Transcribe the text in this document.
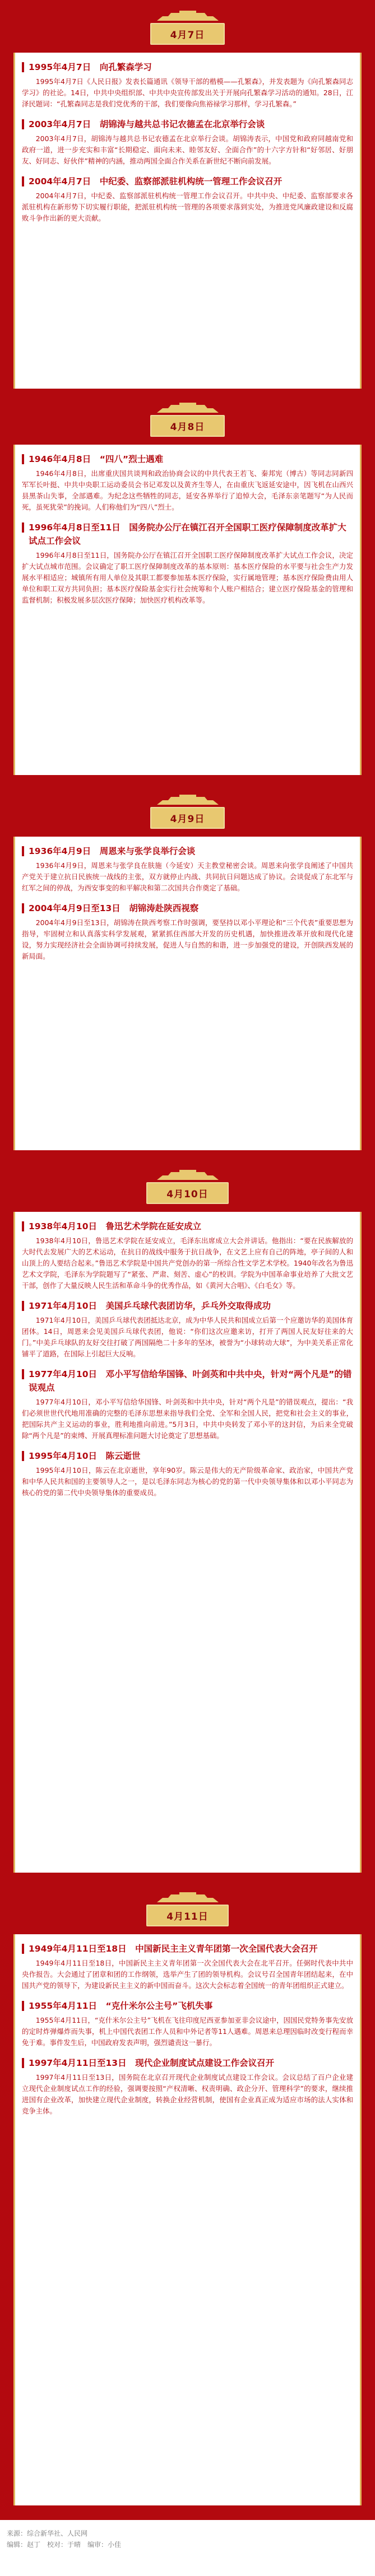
4月7日
1995年4月7日　向孔繁森学习
1995年4月7日《人民日报》发表长篇通讯《领导干部的楷模——孔繁森》，并发表题为《向孔繁森同志学习》的社论。14日，中共中央组织部、中共中央宣传部发出关于开展向孔繁森学习活动的通知。28日，江泽民题词：“孔繁森同志是我们党优秀的干部，我们要像向焦裕禄学习那样，学习孔繁森。”
2003年4月7日　胡锦涛与越共总书记农德孟在北京举行会谈
2003年4月7日，胡锦涛与越共总书记农德孟在北京举行会谈。胡锦涛表示，中国党和政府同越南党和政府一道，进一步充实和丰富“长期稳定、面向未来、睦邻友好、全面合作”的十六字方针和“好邻居、好朋友、好同志、好伙伴”精神的内涵，推动两国全面合作关系在新世纪不断向前发展。
2004年4月7日　中纪委、监察部派驻机构统一管理工作会议召开
2004年4月7日，中纪委、监察部派驻机构统一管理工作会议召开。中共中央、中纪委、监察部要求各派驻机构在新形势下切实履行职能，把派驻机构统一管理的各项要求落到实处，为推进党风廉政建设和反腐败斗争作出新的更大贡献。
4月8日
1946年4月8日　“四八”烈士遇难
1946年4月8日，出席重庆国共谈判和政治协商会议的中共代表王若飞、秦邦宪（博古）等同志同新四军军长叶挺、中共中央职工运动委员会书记邓发以及黄齐生等人，在由重庆飞返延安途中，因飞机在山西兴县黑茶山失事，全部遇难。为纪念这些牺牲的同志，延安各界举行了追悼大会，毛泽东亲笔题写“为人民而死，虽死犹荣”的挽词。人们称他们为“四八”烈士。
1996年4月8日至11日　国务院办公厅在镇江召开全国职工医疗保障制度改革扩大试点工作会议
1996年4月8日至11日，国务院办公厅在镇江召开全国职工医疗保障制度改革扩大试点工作会议，决定扩大试点城市范围。会议确定了职工医疗保障制度改革的基本原则：基本医疗保险的水平要与社会生产力发展水平相适应；城镇所有用人单位及其职工都要参加基本医疗保险，实行属地管理；基本医疗保险费由用人单位和职工双方共同负担；基本医疗保险基金实行社会统筹和个人账户相结合；建立医疗保险基金的管理和监督机制；积极发展多层次医疗保障；加快医疗机构改革等。
4月9日
1936年4月9日　周恩来与张学良举行会谈
1936年4月9日，周恩来与张学良在肤施（今延安）天主教堂秘密会谈。周恩来向张学良阐述了中国共产党关于建立抗日民族统一战线的主张，双方就停止内战、共同抗日问题达成了协议。会谈促成了东北军与红军之间的停战，为西安事变的和平解决和第二次国共合作奠定了基础。
2004年4月9日至13日　胡锦涛赴陕西视察
2004年4月9日至13日，胡锦涛在陕西考察工作时强调，要坚持以邓小平理论和“三个代表”重要思想为指导，牢固树立和认真落实科学发展观，紧紧抓住西部大开发的历史机遇，加快推进改革开放和现代化建设，努力实现经济社会全面协调可持续发展，促进人与自然的和谐，进一步加强党的建设，开创陕西发展的新局面。
4月10日
1938年4月10日　鲁迅艺术学院在延安成立
1938年4月10日，鲁迅艺术学院在延安成立，毛泽东出席成立大会并讲话。他指出：“要在民族解放的大时代去发展广大的艺术运动，在抗日的战线中服务于抗日战争，在文艺上应有自己的阵地，亭子间的人和山顶上的人要结合起来。”鲁迅艺术学院是中国共产党创办的第一所综合性文学艺术学校。1940年改名为鲁迅艺术文学院，毛泽东为学院题写了“紧张、严肃、刻苦、虚心”的校训。学院为中国革命事业培养了大批文艺干部，创作了大量反映人民生活和革命斗争的优秀作品，如《黄河大合唱》、《白毛女》等。
1971年4月10日　美国乒乓球代表团访华，乒乓外交取得成功
1971年4月10日，美国乒乓球代表团抵达北京，成为中华人民共和国成立后第一个应邀访华的美国体育团体。14日，周恩来会见美国乒乓球代表团，他说：“你们这次应邀来访，打开了两国人民友好往来的大门。”中美乒乓球队的友好交往打破了两国隔绝二十多年的坚冰，被誉为“小球转动大球”，为中美关系正常化铺平了道路，在国际上引起巨大反响。
1977年4月10日　邓小平写信给华国锋、叶剑英和中共中央，针对“两个凡是”的错误观点
1977年4月10日，邓小平写信给华国锋、叶剑英和中共中央，针对“两个凡是”的错误观点，提出：“我们必须世世代代地用准确的完整的毛泽东思想来指导我们全党、全军和全国人民，把党和社会主义的事业，把国际共产主义运动的事业，胜利地推向前进。”5月3日，中共中央转发了邓小平的这封信，为后来全党破除“两个凡是”的束缚、开展真理标准问题大讨论奠定了思想基础。
1995年4月10日　陈云逝世
1995年4月10日，陈云在北京逝世，享年90岁。陈云是伟大的无产阶级革命家、政治家，中国共产党和中华人民共和国的主要领导人之一，是以毛泽东同志为核心的党的第一代中央领导集体和以邓小平同志为核心的党的第二代中央领导集体的重要成员。
4月11日
1949年4月11日至18日　中国新民主主义青年团第一次全国代表大会召开
1949年4月11日至18日，中国新民主主义青年团第一次全国代表大会在北平召开。任弼时代表中共中央作报告。大会通过了团章和团的工作纲领，选举产生了团的领导机构。会议号召全国青年团结起来，在中国共产党的领导下，为建设新民主主义的新中国而奋斗。这次大会标志着全国统一的青年团组织正式建立。
1955年4月11日　“克什米尔公主号”飞机失事
1955年4月11日，“克什米尔公主号”飞机在飞往印度尼西亚参加亚非会议途中，因国民党特务事先安放的定时炸弹爆炸而失事，机上中国代表团工作人员和中外记者等11人遇难。周恩来总理因临时改变行程而幸免于难。事件发生后，中国政府发表声明，强烈谴责这一暴行。
1997年4月11日至13日　现代企业制度试点建设工作会议召开
1997年4月11日至13日，国务院在北京召开现代企业制度试点建设工作会议。会议总结了百户企业建立现代企业制度试点工作的经验，强调要按照“产权清晰、权责明确、政企分开、管理科学”的要求，继续推进国有企业改革，加快建立现代企业制度，转换企业经营机制，使国有企业真正成为适应市场的法人实体和竞争主体。
来源：综合新华社、人民网
编辑：赵丁　校对：于晴　编审：小佳
